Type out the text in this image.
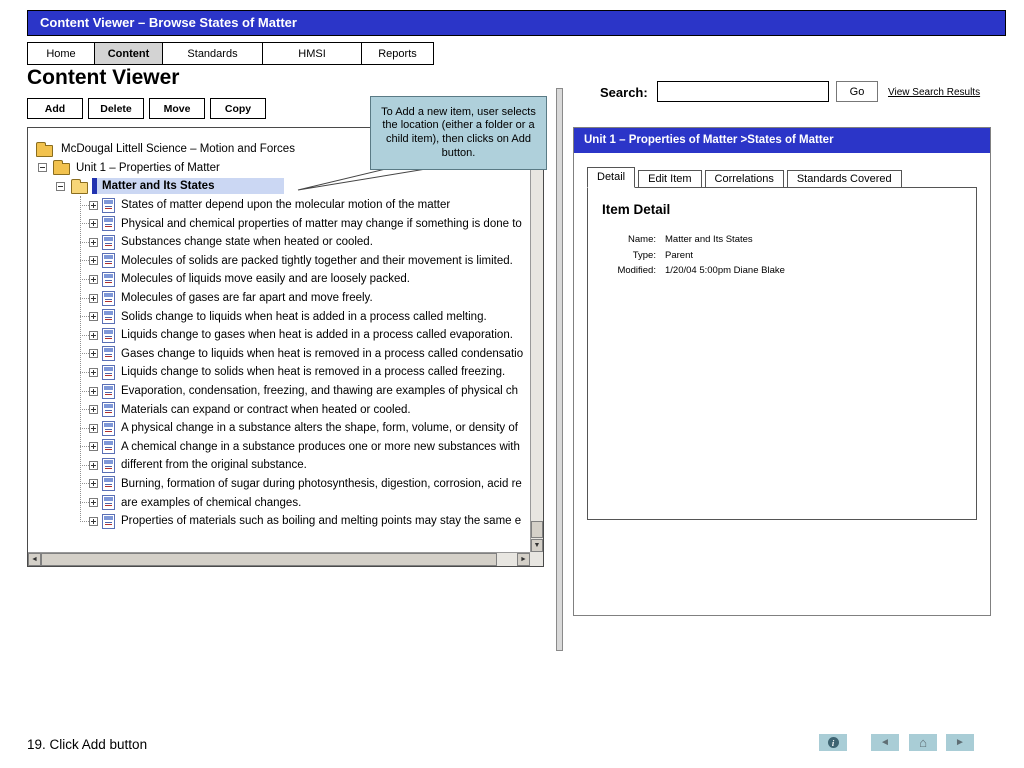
Content Viewer – Browse States of Matter
Home	Content	Standards	HMSI	Reports
Content Viewer
Add	Delete	Move	Copy
McDougal Littell Science – Motion and Forces
Unit 1 – Properties of Matter
Matter and Its States
States of matter depend upon the molecular motion of the matter
Physical and chemical properties of matter may change if something is done to
Substances change state when heated or cooled.
Molecules of solids are packed tightly together and their movement is limited.
Molecules of liquids move easily and are loosely packed.
Molecules of gases are far apart and move freely.
Solids change to liquids when heat is added in a process called melting.
Liquids change to gases when heat is added in a process called evaporation.
Gases change to liquids when heat is removed in a process called condensatio
Liquids change to solids when heat is removed in a process called freezing.
Evaporation, condensation, freezing, and thawing are examples of physical ch
Materials can expand or contract when heated or cooled.
A physical change in a substance alters the shape, form, volume, or density of
A chemical change in a substance produces one or more new substances with
different from the original substance.
Burning, formation of sugar during photosynthesis, digestion, corrosion, acid re
are examples of chemical changes.
Properties of materials such as boiling and melting points may stay the same e
▼
◄	►
To Add a new item, user selects the location (either a folder or a child item), then clicks on Add button.
Search:	Go	View Search Results
Unit 1 – Properties of Matter >States of Matter
Detail	Edit Item	Correlations	Standards Covered
Item Detail
Name: Matter and Its States
Type: Parent
Modified: 1/20/04 5:00pm Diane Blake
19. Click Add button	i	◄ ⌂	►
